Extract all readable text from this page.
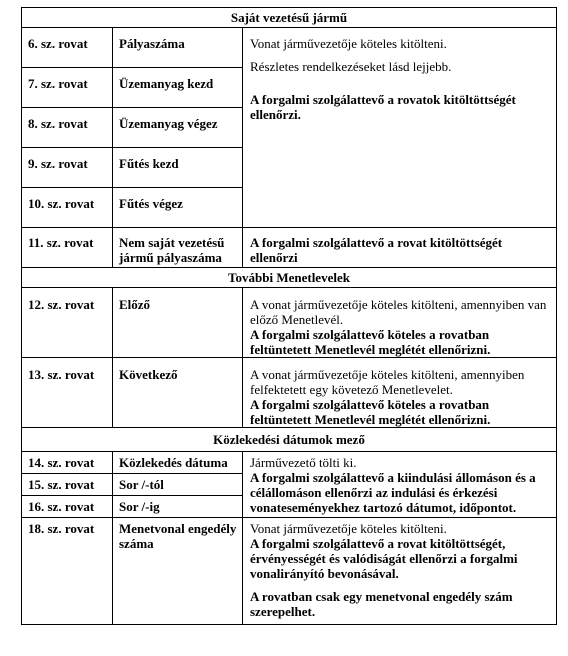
Saját vezetésű jármű		
6. sz. rovat	Pályaszáma	Vonat járművezetője köteles kitölteni.

Részletes rendelkezéseket lásd lejjebb.

A forgalmi szolgálattevő a rovatok kitöltöttségét ellenőrzi.

7. sz. rovat	Üzemanyag kezd	
8. sz. rovat	Üzemanyag végez	
9. sz. rovat	Fűtés kezd	
10. sz. rovat	Fűtés végez	
11. sz. rovat	Nem saját vezetésű jármű pályaszáma	A forgalmi szolgálattevő a rovat kitöltöttségét ellenőrzi
További Menetlevelek		
12. sz. rovat	Előző	A vonat járművezetője köteles kitölteni, amennyiben van előző Menetlevél.

A forgalmi szolgálattevő köteles a rovatban feltüntetett Menetlevél meglétét ellenőrizni.

13. sz. rovat	Következő	A vonat járművezetője köteles kitölteni, amennyiben felfektetett egy követező Menetlevelet.

A forgalmi szolgálattevő köteles a rovatban feltüntetett Menetlevél meglétét ellenőrizni.

Közlekedési dátumok mező		
14. sz. rovat	Közlekedés dátuma	Járművezető tölti ki.

A forgalmi szolgálattevő a kiindulási állomáson és a célállomáson ellenőrzi az indulási és érkezési vonateseményekhez tartozó dátumot, időpontot.

15. sz. rovat	Sor /-tól	
16. sz. rovat	Sor /-ig	
18. sz. rovat	Menetvonal engedély száma	Vonat járművezetője köteles kitölteni.

A forgalmi szolgálattevő a rovat kitöltöttségét, érvényességét és valódiságát ellenőrzi a forgalmi vonalirányító bevonásával.

A rovatban csak egy menetvonal engedély szám szerepelhet.
